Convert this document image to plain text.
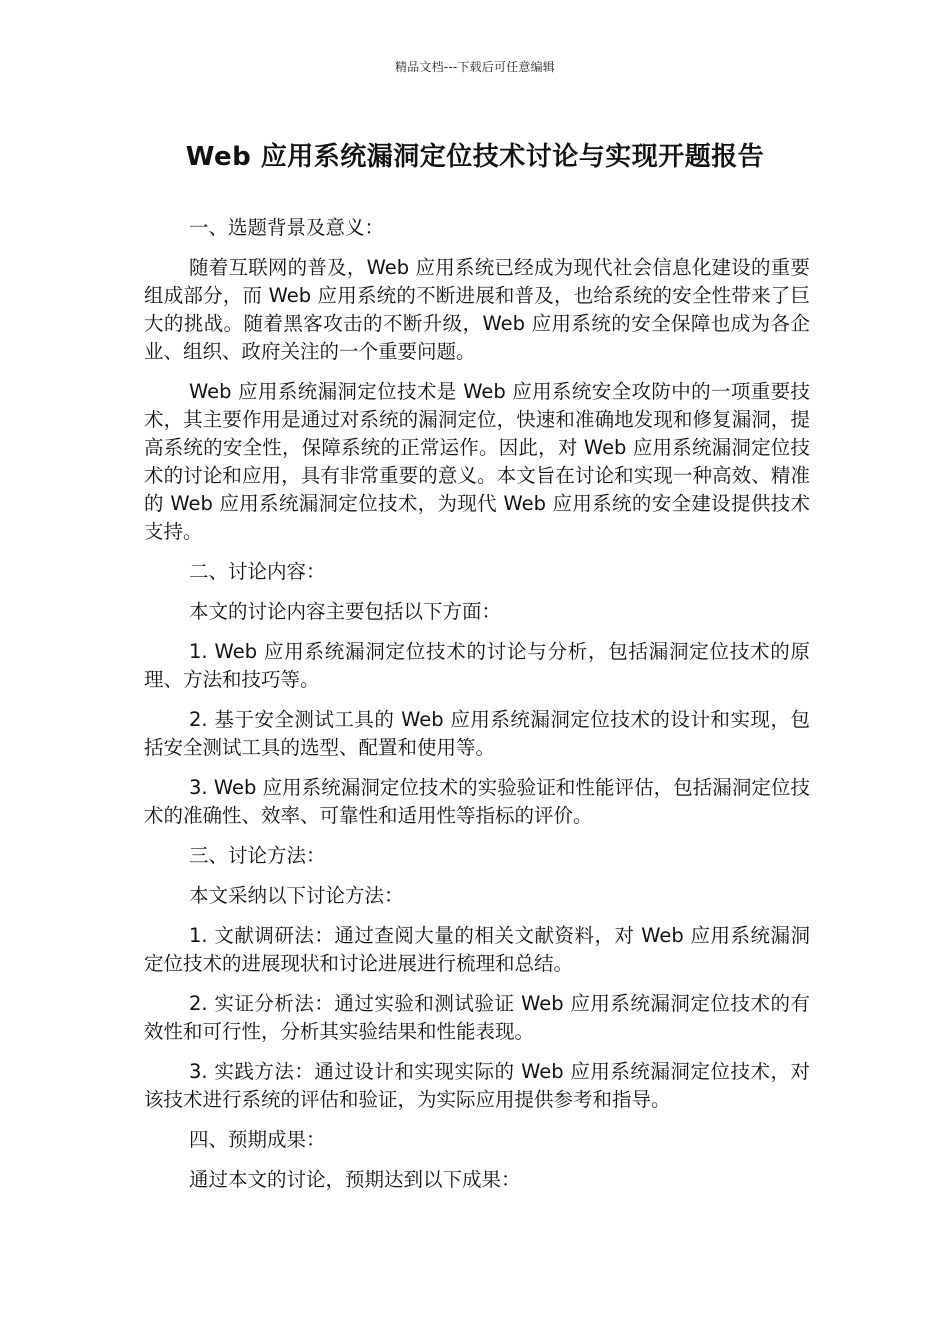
精品文档---下载后可任意编辑
Web 应用系统漏洞定位技术讨论与实现开题报告

一、选题背景及意义：

随着互联网的普及，Web 应用系统已经成为现代社会信息化建设的重要组成部分，而 Web 应用系统的不断进展和普及，也给系统的安全性带来了巨大的挑战。随着黑客攻击的不断升级，Web 应用系统的安全保障也成为各企业、组织、政府关注的一个重要问题。

Web 应用系统漏洞定位技术是 Web 应用系统安全攻防中的一项重要技术，其主要作用是通过对系统的漏洞定位，快速和准确地发现和修复漏洞，提高系统的安全性，保障系统的正常运作。因此，对 Web 应用系统漏洞定位技术的讨论和应用，具有非常重要的意义。本文旨在讨论和实现一种高效、精准的 Web 应用系统漏洞定位技术，为现代 Web 应用系统的安全建设提供技术支持。

二、讨论内容：

本文的讨论内容主要包括以下方面：

1. Web 应用系统漏洞定位技术的讨论与分析，包括漏洞定位技术的原理、方法和技巧等。

2. 基于安全测试工具的 Web 应用系统漏洞定位技术的设计和实现，包括安全测试工具的选型、配置和使用等。

3. Web 应用系统漏洞定位技术的实验验证和性能评估，包括漏洞定位技术的准确性、效率、可靠性和适用性等指标的评价。

三、讨论方法：

本文采纳以下讨论方法：

1. 文献调研法：通过查阅大量的相关文献资料，对 Web 应用系统漏洞定位技术的进展现状和讨论进展进行梳理和总结。

2. 实证分析法：通过实验和测试验证 Web 应用系统漏洞定位技术的有效性和可行性，分析其实验结果和性能表现。

3. 实践方法：通过设计和实现实际的 Web 应用系统漏洞定位技术，对该技术进行系统的评估和验证，为实际应用提供参考和指导。

四、预期成果：

通过本文的讨论，预期达到以下成果：
